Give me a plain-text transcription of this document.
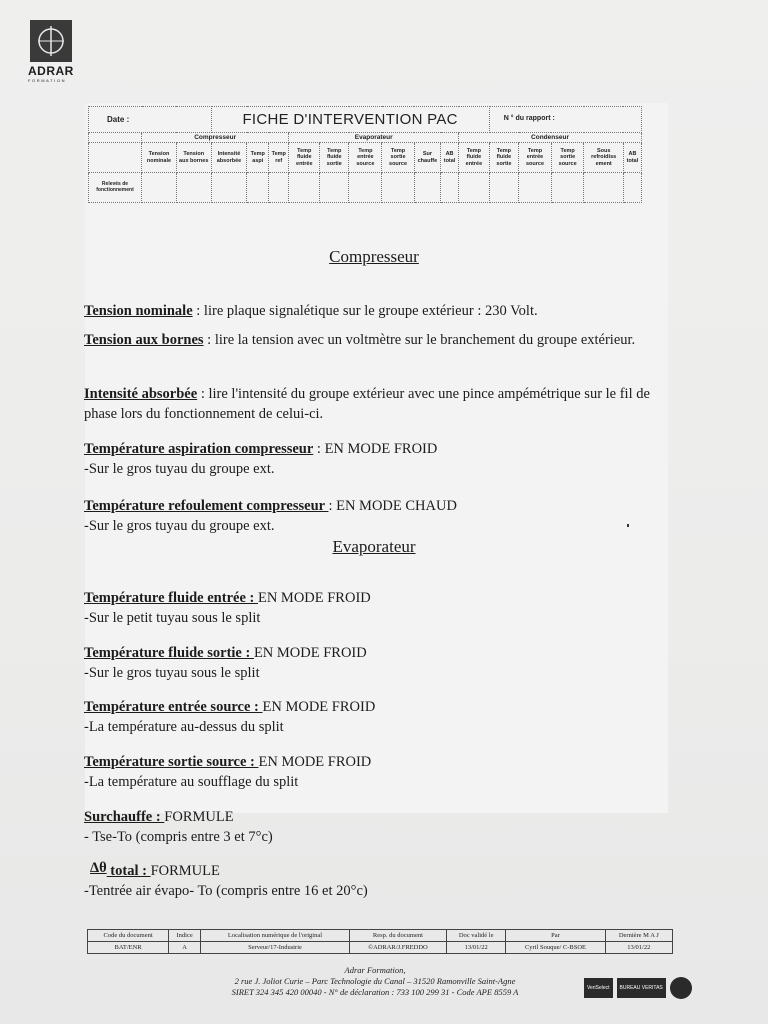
ADRAR
FORMATION
Date :			FICHE D'INTERVENTION PAC										N ° du rapport :				
	Compresseur					Evaporateur						Condenseur					
	Tension nominale	Tension aux bornes	Intensité absorbée	Temp aspi	Temp ref	Temp fluide entrée	Temp fluide sortie	Temp entrée source	Temp sortie source	Sur chauffe	AB total	Temp fluide entrée	Temp fluide sortie	Temp entrée source	Temp sortie source	Sous refroidiss ement	AB total
Relevés de fonctionnement																	
Compresseur
Tension nominale : lire plaque signalétique sur le groupe extérieur : 230 Volt.
Tension aux bornes : lire la tension avec un voltmètre sur le branchement du groupe extérieur.
Intensité absorbée : lire l'intensité du groupe extérieur avec une pince ampémétrique sur le fil de phase lors du fonctionnement de celui-ci.
Température aspiration compresseur : EN MODE FROID
-Sur le gros tuyau du groupe ext.
Température refoulement compresseur : EN MODE CHAUD
-Sur le gros tuyau du groupe ext.
Evaporateur
Température fluide entrée : EN MODE FROID
-Sur le petit tuyau sous le split
Température fluide sortie : EN MODE FROID
-Sur le gros tuyau sous le split
Température entrée source : EN MODE FROID
-La température au-dessus du split
Température sortie source : EN MODE FROID
-La température au soufflage du split
Surchauffe : FORMULE
- Tse-To (compris entre 3 et 7°c)
Δθ total : FORMULE
-Tentrée air évapo- To (compris entre 16 et 20°c)
Code du document	Indice	Localisation numérique de l'original	Resp. du document	Doc validé le	Par	Dernière M A J
BAT/ENR	A	Serveur/17-Industrie	©ADRAR/J.FREDDO	13/01/22	Cyril Souque/ C-BSOE	13/01/22
Adrar Formation,
2 rue J. Joliot Curie – Parc Technologie du Canal – 31520 Ramonville Saint-Agne
SIRET 324 345 420 00040 - N° de déclaration : 733 100 299 31 - Code APE 8559 A	VeriSelect	BUREAU VERITAS
